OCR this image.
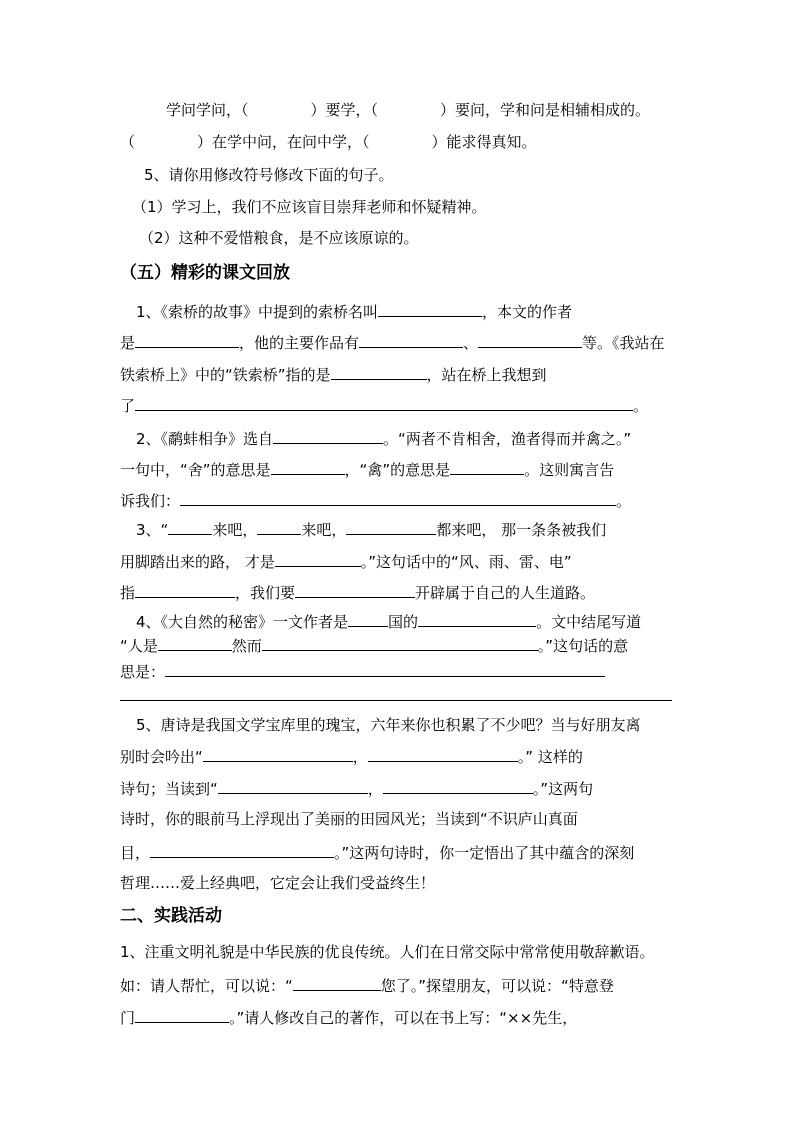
学问学问，（	）要学，（	）要问，学和问是相辅相成的。
（	）在学中问，在问中学，（	）能求得真知。
5、请你用修改符号修改下面的句子。
（1）学习上，我们不应该盲目崇拜老师和怀疑精神。
（2）这种不爱惜粮食，是不应该原谅的。
（五）精彩的课文回放
1、《索桥的故事》中提到的索桥名叫	，本文的作者
是	，他的主要作品有	、	等。《我站在
铁索桥上》中的“铁索桥”指的是	，站在桥上我想到
了	。
2、《鹬蚌相争》选自	。“两者不肯相舍，渔者得而并禽之。”
一句中，“舍”的意思是	，“禽”的意思是	。这则寓言告
诉我们：	。
3、“	来吧，	来吧，	都来吧， 那一条条被我们
用脚踏出来的路， 才是	。”这句话中的“风、雨、雷、电”
指	，我们要	开辟属于自己的人生道路。
4、《大自然的秘密》一文作者是	国的	。文中结尾写道
“人是	然而	。”这句话的意
思是：
5、唐诗是我国文学宝库里的瑰宝，六年来你也积累了不少吧？当与好朋友离
别时会吟出“	，	。” 这样的
诗句；当读到“	，	。”这两句
诗时，你的眼前马上浮现出了美丽的田园风光；当读到“不识庐山真面
目，	。”这两句诗时，你一定悟出了其中蕴含的深刻
哲理……爱上经典吧，它定会让我们受益终生！
二、实践活动
1、注重文明礼貌是中华民族的优良传统。人们在日常交际中常常使用敬辞歉语。
如：请人帮忙，可以说：“	您了。”探望朋友，可以说：“特意登
门	。”请人修改自己的著作，可以在书上写：“××先生，
